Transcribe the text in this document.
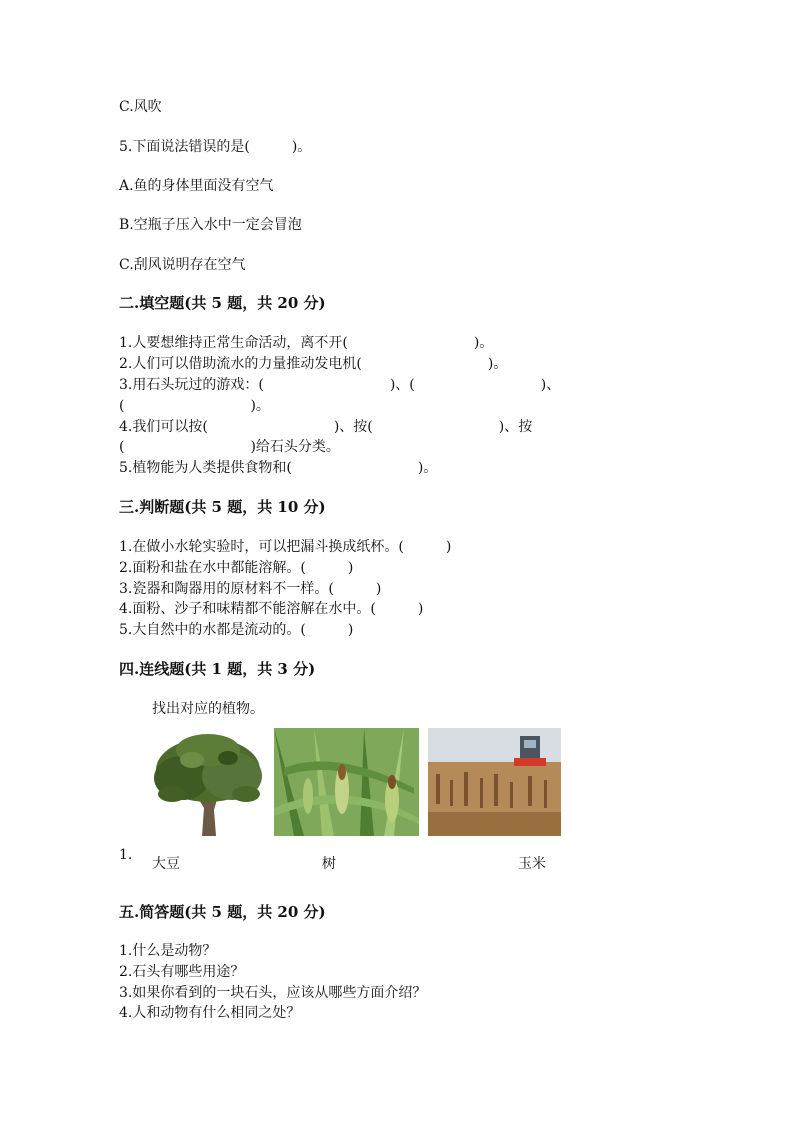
C.风吹
5.下面说法错误的是(　　　)。
A.鱼的身体里面没有空气
B.空瓶子压入水中一定会冒泡
C.刮风说明存在空气
二.填空题(共 5 题，共 20 分)
1.人要想维持正常生命活动，离不开(　　　　　　　　　)。
2.人们可以借助流水的力量推动发电机(　　　　　　　　　)。
3.用石头玩过的游戏：(　　　　　　　　　)、(　　　　　　　　　)、
(　　　　　　　　　)。
4.我们可以按(　　　　　　　　　)、按(　　　　　　　　　)、按
(　　　　　　　　　)给石头分类。
5.植物能为人类提供食物和(　　　　　　　　　)。
三.判断题(共 5 题，共 10 分)
1.在做小水轮实验时，可以把漏斗换成纸杯。(　　　)
2.面粉和盐在水中都能溶解。(　　　)
3.瓷器和陶器用的原材料不一样。(　　　)
4.面粉、沙子和味精都不能溶解在水中。(　　　)
5.大自然中的水都是流动的。(　　　)
四.连线题(共 1 题，共 3 分)
找出对应的植物。
1.
大豆	树	玉米
五.简答题(共 5 题，共 20 分)
1.什么是动物？
2.石头有哪些用途？
3.如果你看到的一块石头，应该从哪些方面介绍？
4.人和动物有什么相同之处？
